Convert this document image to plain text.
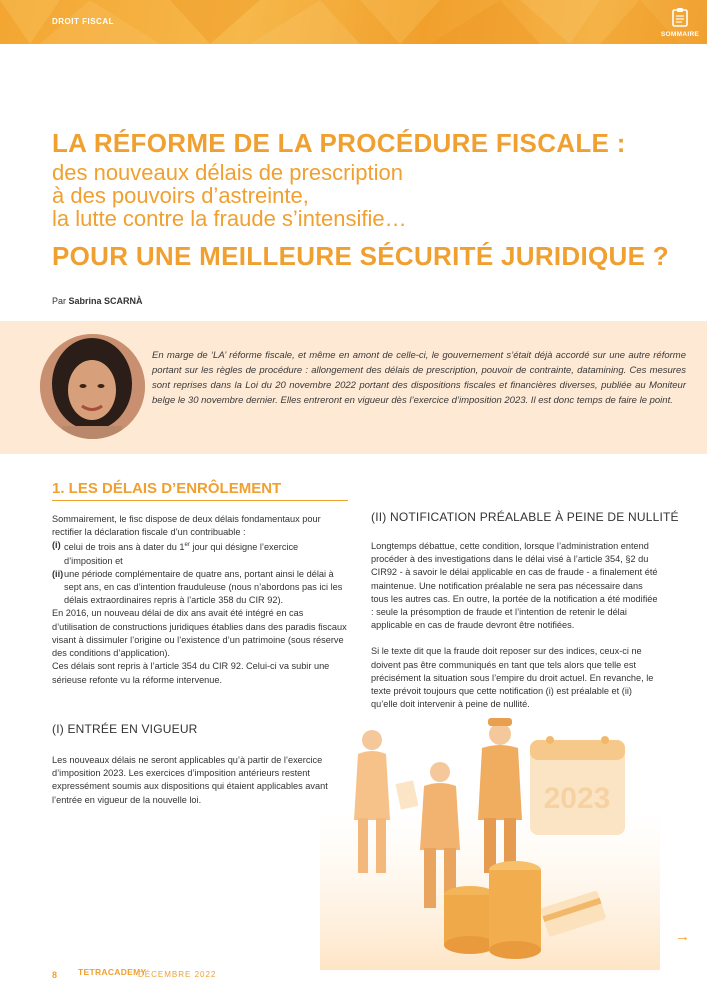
DROIT FISCAL
SOMMAIRE
LA RÉFORME DE LA PROCÉDURE FISCALE :
des nouveaux délais de prescription
à des pouvoirs d’astreinte,
la lutte contre la fraude s’intensifie…
POUR UNE MEILLEURE SÉCURITÉ JURIDIQUE ?
Par Sabrina SCARNÀ
En marge de ‘LA’ réforme fiscale, et même en amont de celle-ci, le gouvernement s’était déjà accordé sur une autre réforme portant sur les règles de procédure : allongement des délais de prescription, pouvoir de contrainte, datamining. Ces mesures sont reprises dans la Loi du 20 novembre 2022 portant des dispositions fiscales et financières diverses, publiée au Moniteur belge le 30 novembre dernier. Elles entreront en vigueur dès l’exercice d’imposition 2023. Il est donc temps de faire le point.
1. LES DÉLAIS D’ENRÔLEMENT

Sommairement, le fisc dispose de deux délais fondamentaux pour rectifier la déclaration fiscale d’un contribuable :

(i) celui de trois ans à dater du 1er jour qui désigne l’exercice d’imposition et
(ii) une période complémentaire de quatre ans, portant ainsi le délai à sept ans, en cas d’intention frauduleuse (nous n’abordons pas ici les délais extraordinaires repris à l’article 358 du CIR 92).

En 2016, un nouveau délai de dix ans avait été intégré en cas d’utilisation de constructions juridiques établies dans des paradis fiscaux visant à dissimuler l’origine ou l’existence d’un patrimoine (sous réserve des conditions d’application).

Ces délais sont repris à l’article 354 du CIR 92. Celui-ci va subir une sérieuse refonte vu la réforme intervenue.

(I) ENTRÉE EN VIGUEUR
Les nouveaux délais ne seront applicables qu’à partir de l’exercice d’imposition 2023. Les exercices d’imposition antérieurs restent expressément soumis aux dispositions qui étaient applicables avant l’entrée en vigueur de la nouvelle loi.
(II) NOTIFICATION PRÉALABLE À PEINE DE NULLITÉ

Longtemps débattue, cette condition, lorsque l’administration entend procéder à des investigations dans le délai visé à l’article 354, §2 du CIR92 - à savoir le délai applicable en cas de fraude - a finalement été maintenue. Une notification préalable ne sera pas nécessaire dans tous les autres cas. En outre, la portée de la notification a été modifiée : seule la présomption de fraude et l’intention de retenir le délai applicable en cas de fraude devront être notifiées.

Si le texte dit que la fraude doit reposer sur des indices, ceux-ci ne doivent pas être communiqués en tant que tels alors que telle est précisément la situation sous l’empire du droit actuel. En revanche, le texte prévoit toujours que cette notification (i) est préalable et (ii) qu’elle doit intervenir à peine de nullité.

2023
→
8 TETRACADEMY
DÉCEMBRE 2022
